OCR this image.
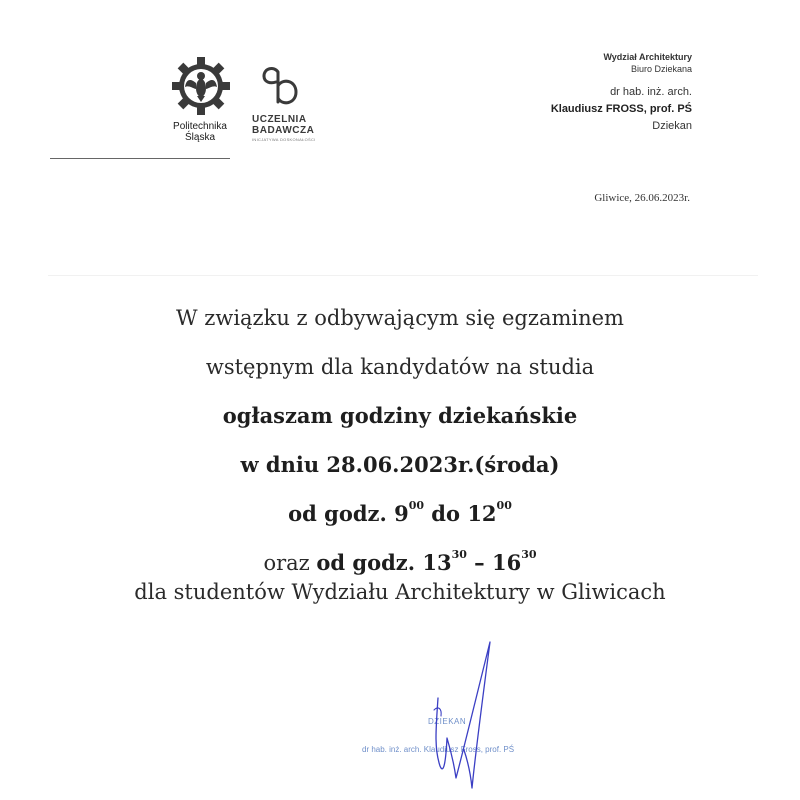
Politechnika
Śląska
UCZELNIA
BADAWCZA
INICJATYWA DOSKONAŁOŚCI
Wydział Architektury
Biuro Dziekana
dr hab. inż. arch.
Klaudiusz FROSS, prof. PŚ
Dziekan
Gliwice, 26.06.2023r.
W związku z odbywającym się egzaminem
wstępnym dla kandydatów na studia
ogłaszam godziny dziekańskie
w dniu 28.06.2023r.(środa)
od godz. $9^{00}$ do $12^{00}$
oraz od godz. $13^{30} - 16^{30}$
dla studentów Wydziału Architektury w Gliwicach
DZIEKAN
dr hab. inż. arch. Klaudiusz Fross, prof. PŚ
